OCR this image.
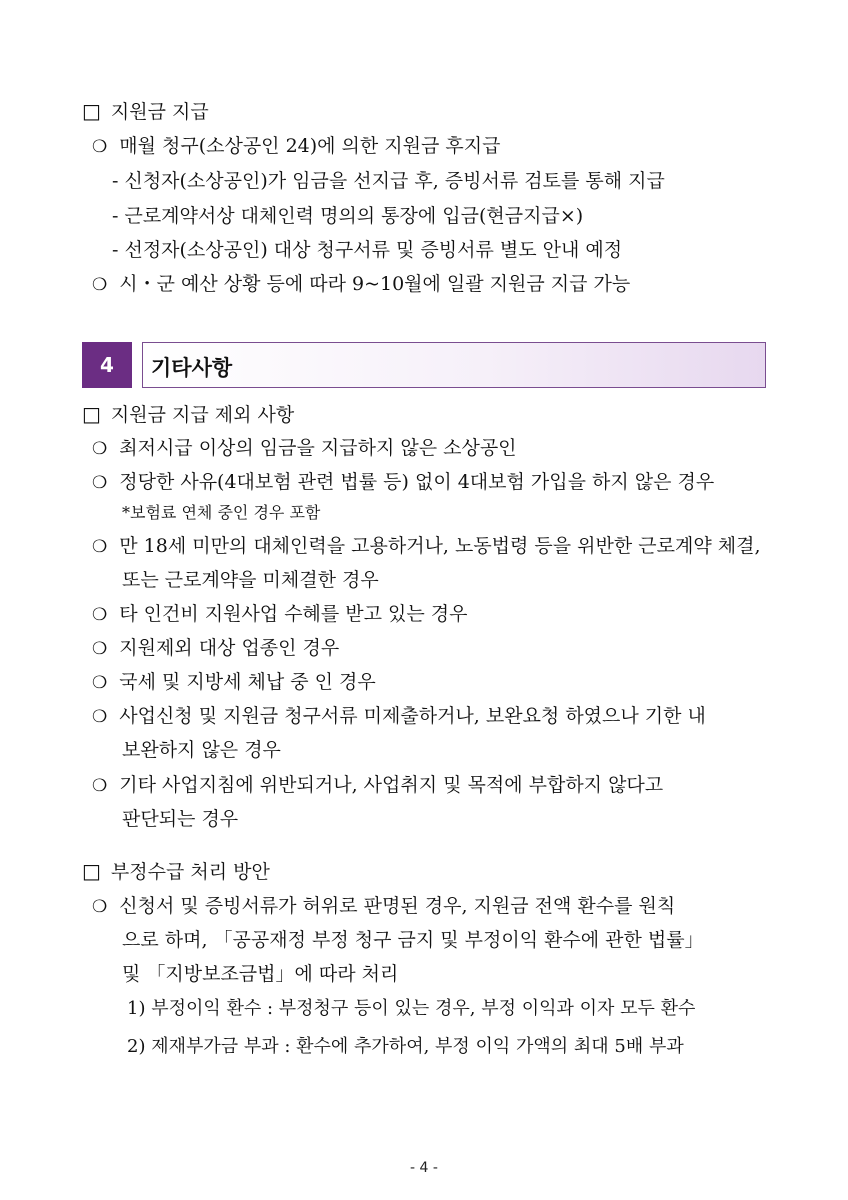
□ 지원금 지급
❍ 매월 청구(소상공인 24)에 의한 지원금 후지급
- 신청자(소상공인)가 임금을 선지급 후, 증빙서류 검토를 통해 지급
- 근로계약서상 대체인력 명의의 통장에 입금(현금지급×)
- 선정자(소상공인) 대상 청구서류 및 증빙서류 별도 안내 예정
❍ 시・군 예산 상황 등에 따라 9~10월에 일괄 지원금 지급 가능
4	기타사항
□ 지원금 지급 제외 사항
❍ 최저시급 이상의 임금을 지급하지 않은 소상공인
❍ 정당한 사유(4대보험 관련 법률 등) 없이 4대보험 가입을 하지 않은 경우
*보험료 연체 중인 경우 포함
❍ 만 18세 미만의 대체인력을 고용하거나, 노동법령 등을 위반한 근로계약 체결,
또는 근로계약을 미체결한 경우
❍ 타 인건비 지원사업 수혜를 받고 있는 경우
❍ 지원제외 대상 업종인 경우
❍ 국세 및 지방세 체납 중 인 경우
❍ 사업신청 및 지원금 청구서류 미제출하거나, 보완요청 하였으나 기한 내
보완하지 않은 경우
❍ 기타 사업지침에 위반되거나, 사업취지 및 목적에 부합하지 않다고
판단되는 경우
□ 부정수급 처리 방안
❍ 신청서 및 증빙서류가 허위로 판명된 경우, 지원금 전액 환수를 원칙
으로 하며, 「공공재정 부정 청구 금지 및 부정이익 환수에 관한 법률」
및 「지방보조금법」에 따라 처리
1) 부정이익 환수 : 부정청구 등이 있는 경우, 부정 이익과 이자 모두 환수
2) 제재부가금 부과 : 환수에 추가하여, 부정 이익 가액의 최대 5배 부과
- 4 -
